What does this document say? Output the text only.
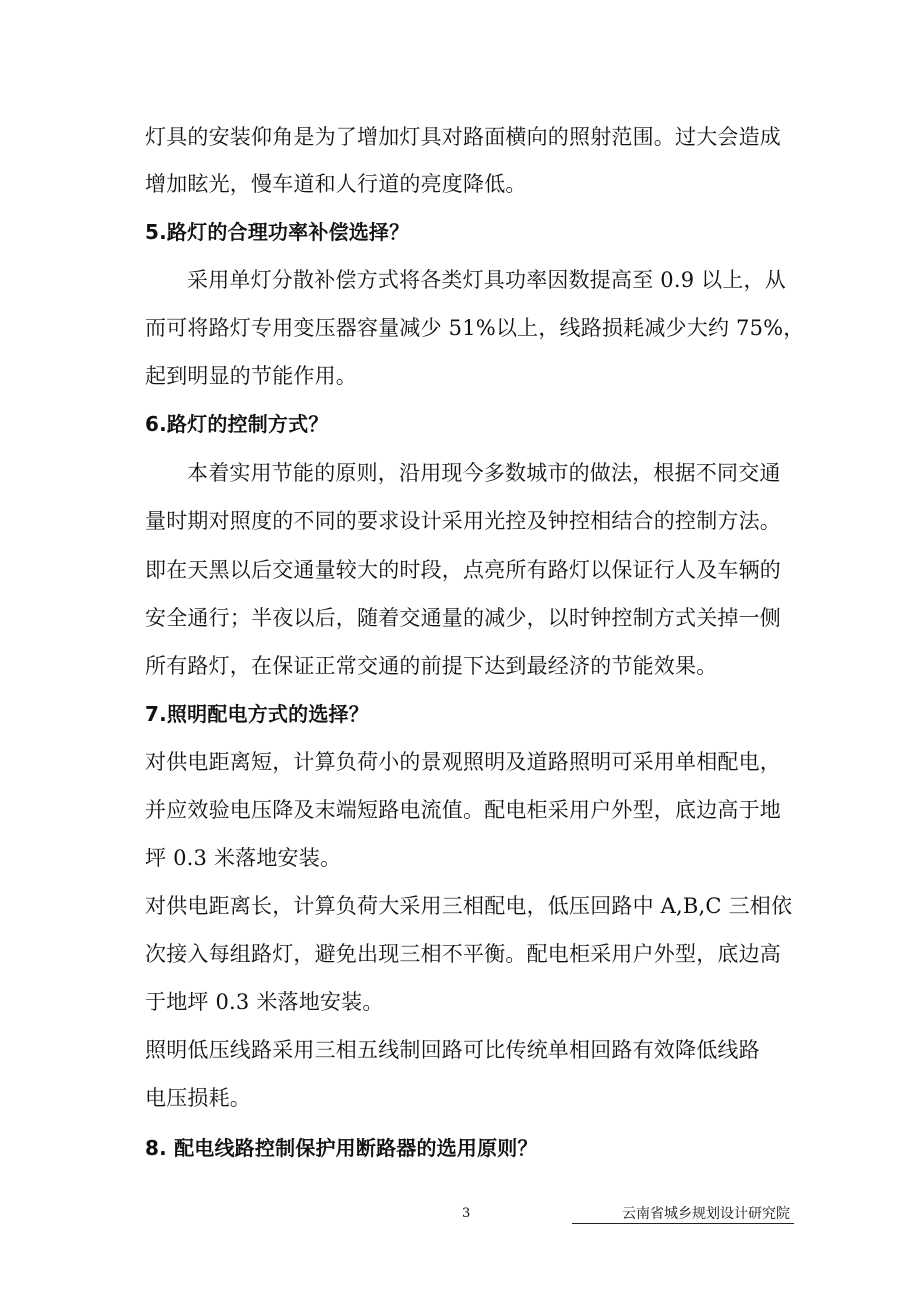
灯具的安装仰角是为了增加灯具对路面横向的照射范围。过大会造成
增加眩光，慢车道和人行道的亮度降低。
5.路灯的合理功率补偿选择？
采用单灯分散补偿方式将各类灯具功率因数提高至 0.9 以上，从
而可将路灯专用变压器容量减少 51%以上，线路损耗减少大约 75%，
起到明显的节能作用。
6.路灯的控制方式？
本着实用节能的原则，沿用现今多数城市的做法，根据不同交通
量时期对照度的不同的要求设计采用光控及钟控相结合的控制方法。
即在天黑以后交通量较大的时段，点亮所有路灯以保证行人及车辆的
安全通行；半夜以后，随着交通量的减少，以时钟控制方式关掉一侧
所有路灯，在保证正常交通的前提下达到最经济的节能效果。
7.照明配电方式的选择？
对供电距离短，计算负荷小的景观照明及道路照明可采用单相配电，
并应效验电压降及末端短路电流值。配电柜采用户外型，底边高于地
坪 0.3 米落地安装。
对供电距离长，计算负荷大采用三相配电，低压回路中 A,B,C 三相依
次接入每组路灯，避免出现三相不平衡。配电柜采用户外型，底边高
于地坪 0.3 米落地安装。
照明低压线路采用三相五线制回路可比传统单相回路有效降低线路
电压损耗。
8. 配电线路控制保护用断路器的选用原则？
3	云南省城乡规划设计研究院
